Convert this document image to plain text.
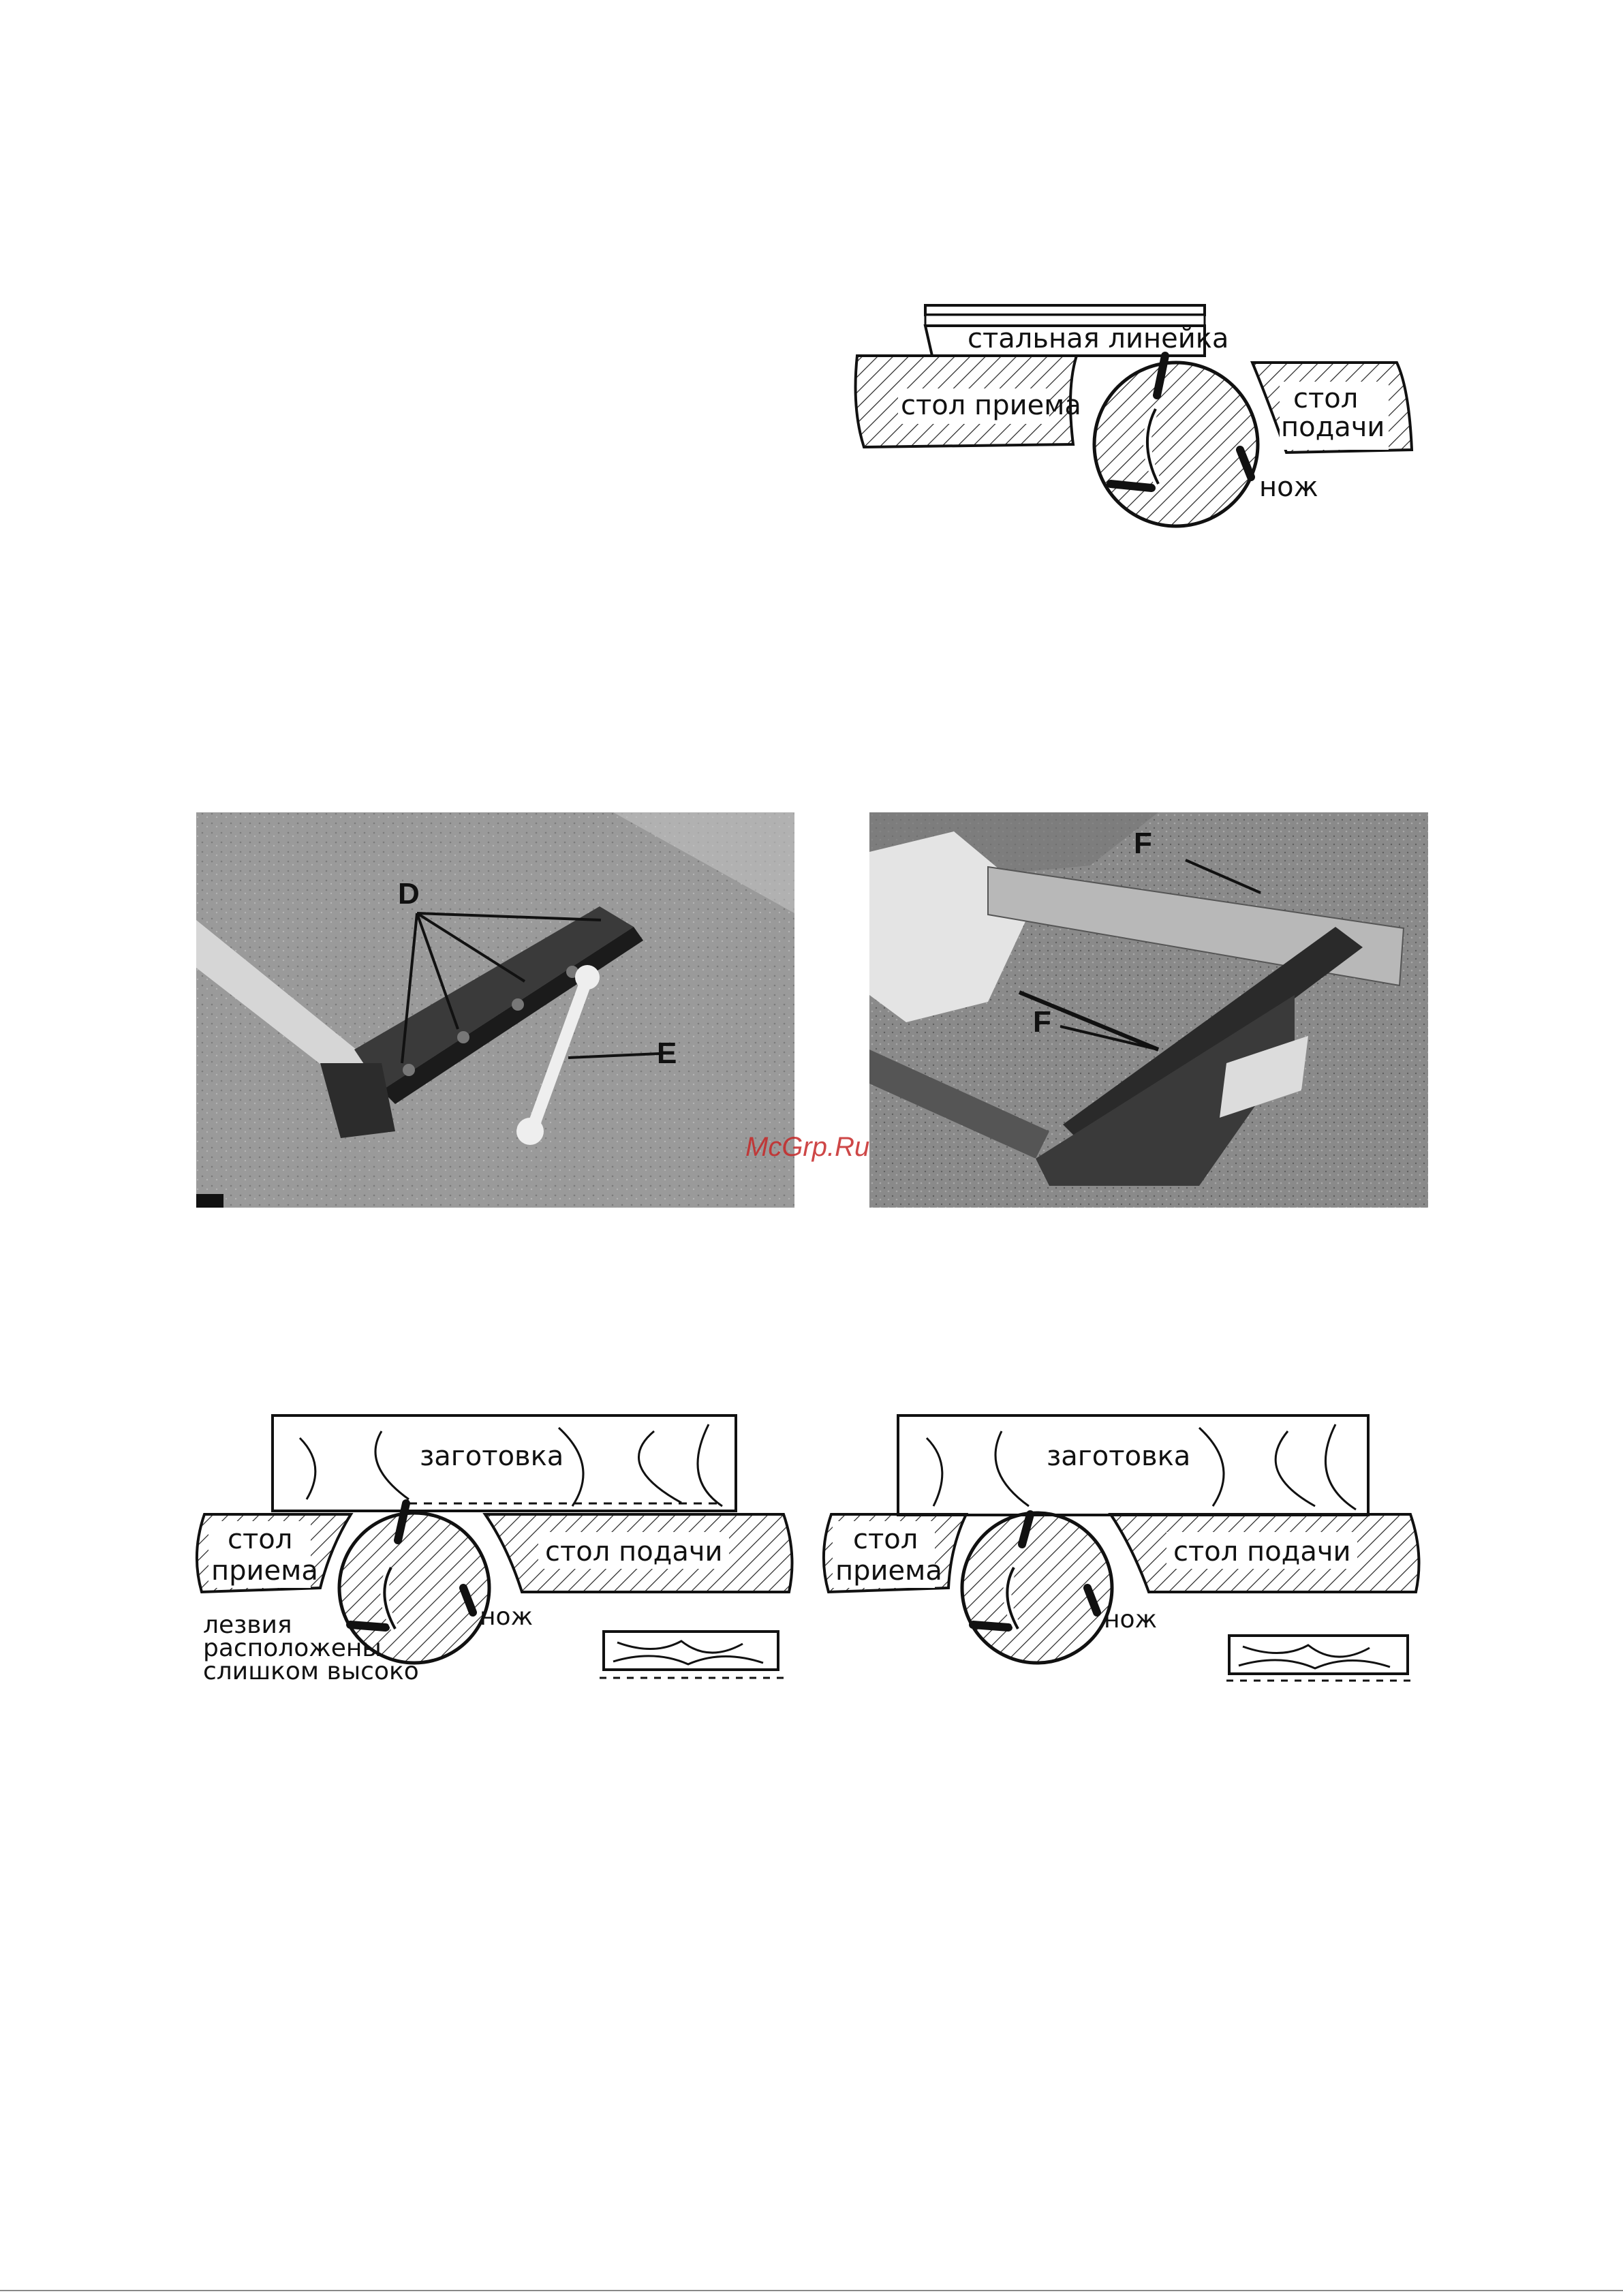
стальная линейка
стол приема	стол
подачи
нож
D
E
F
F
McGrp.Ru
заготовка
стол
приема
стол подачи
нож
лезвия
расположены
слишком высоко
заготовка
стол
приема
стол подачи
нож
